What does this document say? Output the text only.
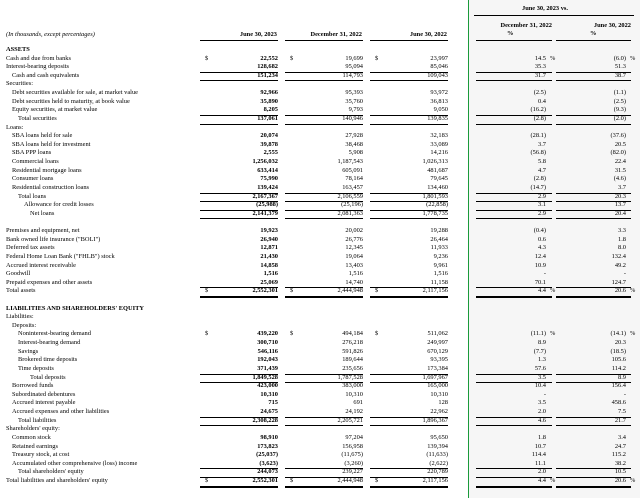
June 30, 2023 vs.
(In thousands, except percentages)	June 30, 2023	December 31, 2022	June 30, 2022
December 31, 2022	June 30, 2022
%	%
ASSETS
Cash and due from banks	22,552	19,699	23,997	14.5	(6.0)
$	$	$	%	%
Interest-bearing deposits	128,682	95,094	85,046	35.3	51.3
Cash and cash equivalents	151,234	114,793	109,043	31.7	38.7
Securities:
Debt securities available for sale, at market value	92,966	95,393	93,972	(2.5)	(1.1)
Debt securities held to maturity, at book value	35,890	35,760	36,813	0.4	(2.5)
Equity securities, at market value	8,205	9,793	9,050	(16.2)	(9.3)
Total securities	137,061	140,946	139,835	(2.8)	(2.0)
Loans:
SBA loans held for sale	20,074	27,928	32,183	(28.1)	(37.6)
SBA loans held for investment	39,878	38,468	33,089	3.7	20.5
SBA PPP loans	2,555	5,908	14,216	(56.8)	(82.0)
Commercial loans	1,256,032	1,187,543	1,026,313	5.8	22.4
Residential mortgage loans	633,414	605,091	481,687	4.7	31.5
Consumer loans	75,990	78,164	79,645	(2.8)	(4.6)
Residential construction loans	139,424	163,457	134,460	(14.7)	3.7
Total loans	2,167,367	2,106,559	1,801,593	2.9	20.3
Allowance for credit losses	(25,988)	(25,196)	(22,858)	3.1	13.7
Net loans	2,141,379	2,081,363	1,778,735	2.9	20.4
Premises and equipment, net	19,923	20,002	19,288	(0.4)	3.3
Bank owned life insurance ("BOLI")	26,940	26,776	26,464	0.6	1.8
Deferred tax assets	12,871	12,345	11,933	4.3	8.0
Federal Home Loan Bank ("FHLB") stock	21,430	19,064	9,236	12.4	132.4
Accrued interest receivable	14,858	13,403	9,961	10.9	49.2
Goodwill	1,516	1,516	1,516	-	-
Prepaid expenses and other assets	25,069	14,740	11,158	70.1	124.7
Total assets	2,552,301	2,444,948	2,117,156	4.4	20.6
$	$	$	%	%
LIABILITIES AND SHAREHOLDERS' EQUITY
Liabilities:
Deposits:
Noninterest-bearing demand	439,220	494,184	511,062	(11.1)	(14.1)
$	$	$	%	%
Interest-bearing demand	300,710	276,218	249,997	8.9	20.3
Savings	546,116	591,826	670,129	(7.7)	(18.5)
Brokered time deposits	192,043	189,644	93,395	1.3	105.6
Time deposits	371,439	235,656	173,384	57.6	114.2
Total deposits	1,849,528	1,787,528	1,697,967	3.5	8.9
Borrowed funds	423,000	383,000	165,000	10.4	156.4
Subordinated debentures	10,310	10,310	10,310	-	-
Accrued interest payable	715	691	128	3.5	458.6
Accrued expenses and other liabilities	24,675	24,192	22,962	2.0	7.5
Total liabilities	2,308,228	2,205,721	1,896,367	4.6	21.7
Shareholders' equity:
Common stock	98,910	97,204	95,650	1.8	3.4
Retained earnings	173,823	156,958	139,394	10.7	24.7
Treasury stock, at cost	(25,037)	(11,675)	(11,633)	114.4	115.2
Accumulated other comprehensive (loss) income	(3,623)	(3,260)	(2,622)	11.1	38.2
Total shareholders' equity	244,073	239,227	220,789	2.0	10.5
Total liabilities and shareholders' equity	2,552,301	2,444,948	2,117,156	4.4	20.6
$	$	$	%	%
